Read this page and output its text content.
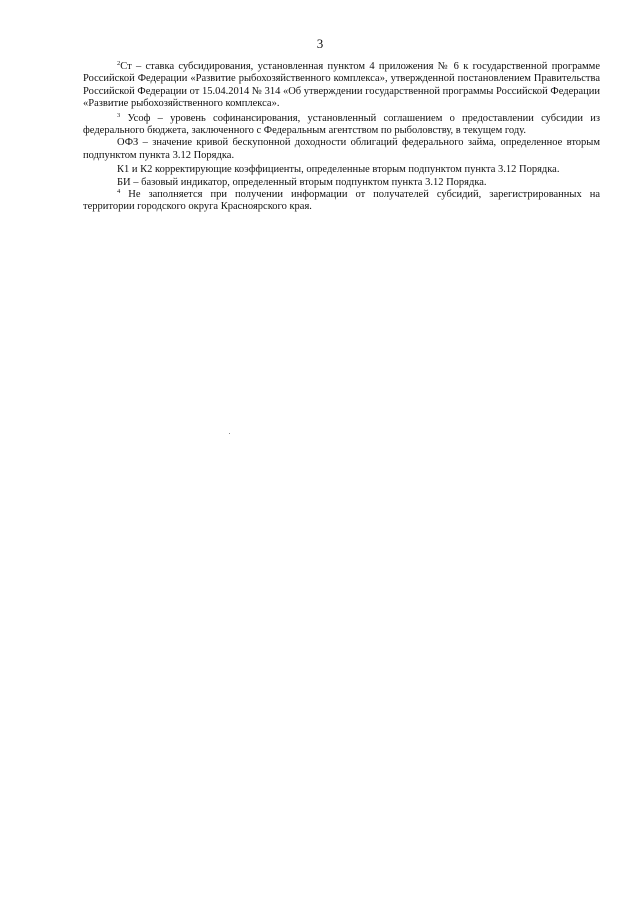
3

$^2$Ст – ставка субсидирования, установленная пунктом 4 приложения № 6 к государственной программе Российской Федерации «Развитие рыбохозяйственного комплекса», утвержденной постановлением Правительства Российской Федерации от 15.04.2014 № 314 «Об утверждении государственной программы Российской Федерации «Развитие рыбохозяйственного комплекса».

$^3$ Усоф – уровень софинансирования, установленный соглашением о предоставлении субсидии из федерального бюджета, заключенного с Федеральным агентством по рыболовству, в текущем году.

ОФЗ – значение кривой бескупонной доходности облигаций федерального займа, определенное вторым подпунктом пункта 3.12 Порядка.

К1 и К2 корректирующие коэффициенты, определенные вторым подпунктом пункта 3.12 Порядка.

БИ – базовый индикатор, определенный вторым подпунктом пункта 3.12 Порядка.

$^4$ Не заполняется при получении информации от получателей субсидий, зарегистрированных на территории городского округа Красноярского края.
